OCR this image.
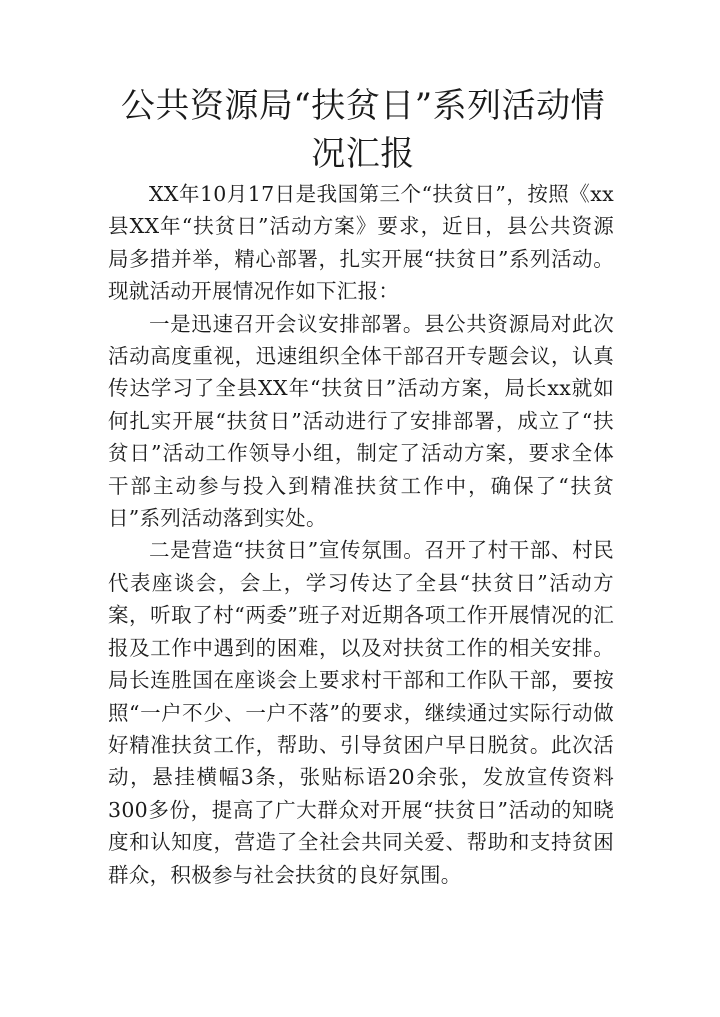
公共资源局“扶贫日”系列活动情况汇报

XX年10月17日是我国第三个“扶贫日”，按照《xx县XX年“扶贫日”活动方案》要求，近日，县公共资源局多措并举，精心部署，扎实开展“扶贫日”系列活动。现就活动开展情况作如下汇报：

一是迅速召开会议安排部署。县公共资源局对此次活动高度重视，迅速组织全体干部召开专题会议，认真传达学习了全县XX年“扶贫日”活动方案，局长xx就如何扎实开展“扶贫日”活动进行了安排部署，成立了“扶贫日”活动工作领导小组，制定了活动方案，要求全体干部主动参与投入到精准扶贫工作中，确保了“扶贫日”系列活动落到实处。

二是营造“扶贫日”宣传氛围。召开了村干部、村民代表座谈会，会上，学习传达了全县“扶贫日”活动方案，听取了村“两委”班子对近期各项工作开展情况的汇报及工作中遇到的困难，以及对扶贫工作的相关安排。局长连胜国在座谈会上要求村干部和工作队干部，要按照“一户不少、一户不落”的要求，继续通过实际行动做好精准扶贫工作，帮助、引导贫困户早日脱贫。此次活动，悬挂横幅3条，张贴标语20余张，发放宣传资料300多份，提高了广大群众对开展“扶贫日”活动的知晓度和认知度，营造了全社会共同关爱、帮助和支持贫困群众，积极参与社会扶贫的良好氛围。
